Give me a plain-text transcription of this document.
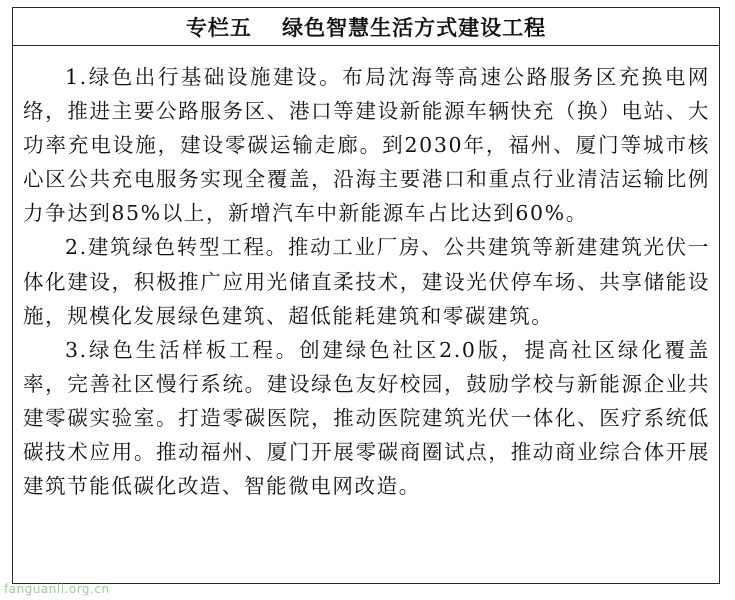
专栏五　 绿色智慧生活方式建设工程

1.绿色出行基础设施建设。布局沈海等高速公路服务区充换电网络，推进主要公路服务区、港口等建设新能源车辆快充（换）电站、大功率充电设施，建设零碳运输走廊。到2030年，福州、厦门等城市核心区公共充电服务实现全覆盖，沿海主要港口和重点行业清洁运输比例力争达到85%以上，新增汽车中新能源车占比达到60%。

2.建筑绿色转型工程。推动工业厂房、公共建筑等新建建筑光伏一体化建设，积极推广应用光储直柔技术，建设光伏停车场、共享储能设施，规模化发展绿色建筑、超低能耗建筑和零碳建筑。

3.绿色生活样板工程。创建绿色社区2.0版，提高社区绿化覆盖率，完善社区慢行系统。建设绿色友好校园，鼓励学校与新能源企业共建零碳实验室。打造零碳医院，推动医院建筑光伏一体化、医疗系统低碳技术应用。推动福州、厦门开展零碳商圈试点，推动商业综合体开展建筑节能低碳化改造、智能微电网改造。

fanguanli.org.cn
